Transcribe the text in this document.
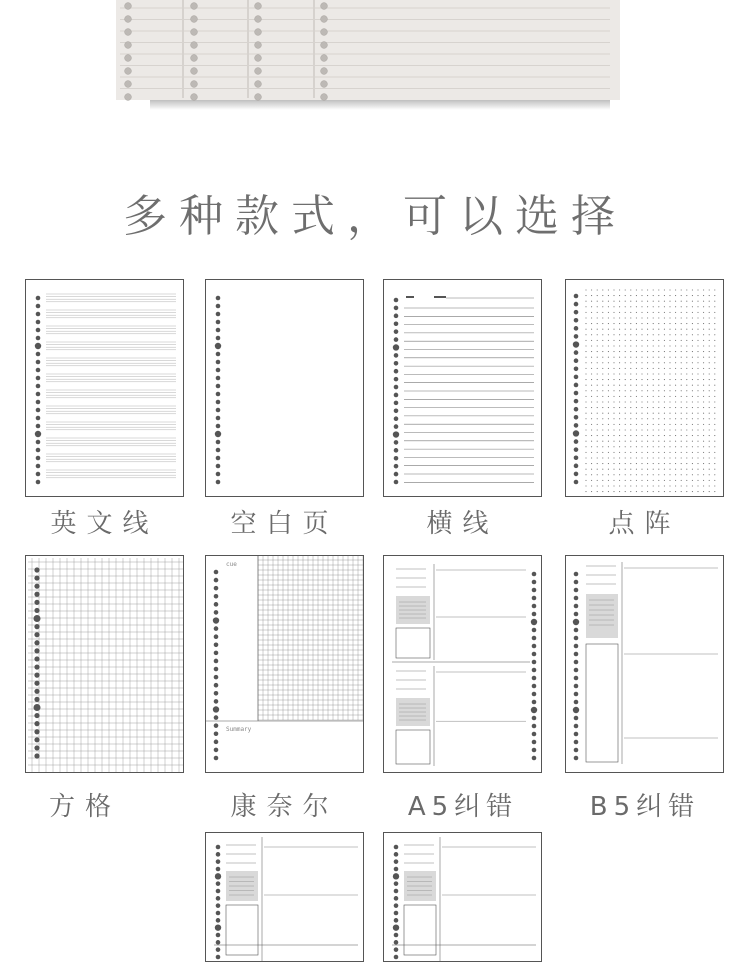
多种款式，可以选择
英文线	空白页	横线	点阵
方格
cue
Summary
康奈尔	A5纠错	B5纠错
